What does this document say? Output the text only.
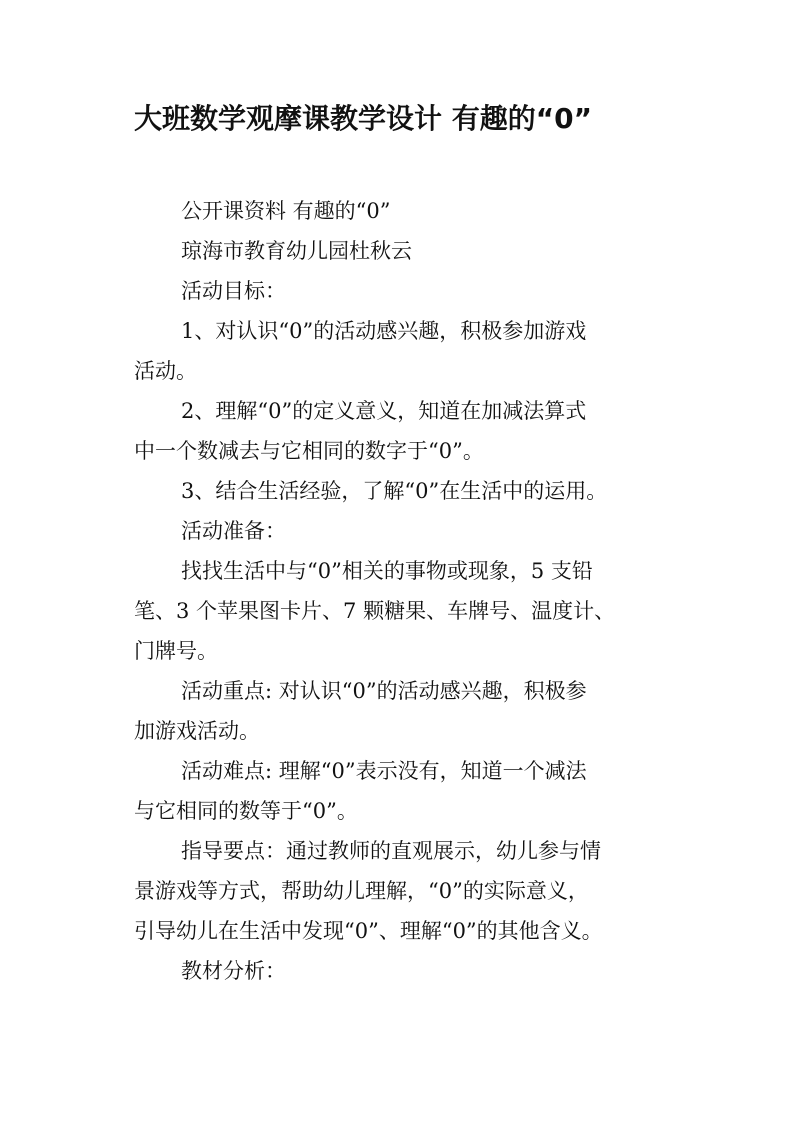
大班数学观摩课教学设计 有趣的“0”

公开课资料 有趣的“0”

琼海市教育幼儿园杜秋云

活动目标：

1、对认识“0”的活动感兴趣，积极参加游戏

活动。

2、理解“0”的定义意义，知道在加减法算式

中一个数减去与它相同的数字于“0”。

3、结合生活经验，了解“0”在生活中的运用。

活动准备：

找找生活中与“0”相关的事物或现象，5 支铅

笔、3 个苹果图卡片、7 颗糖果、车牌号、温度计、

门牌号。

活动重点: 对认识“0”的活动感兴趣，积极参

加游戏活动。

活动难点: 理解“0”表示没有，知道一个减法

与它相同的数等于“0”。

指导要点：通过教师的直观展示，幼儿参与情

景游戏等方式，帮助幼儿理解，“0”的实际意义，

引导幼儿在生活中发现“0”、理解“0”的其他含义。

教材分析：
